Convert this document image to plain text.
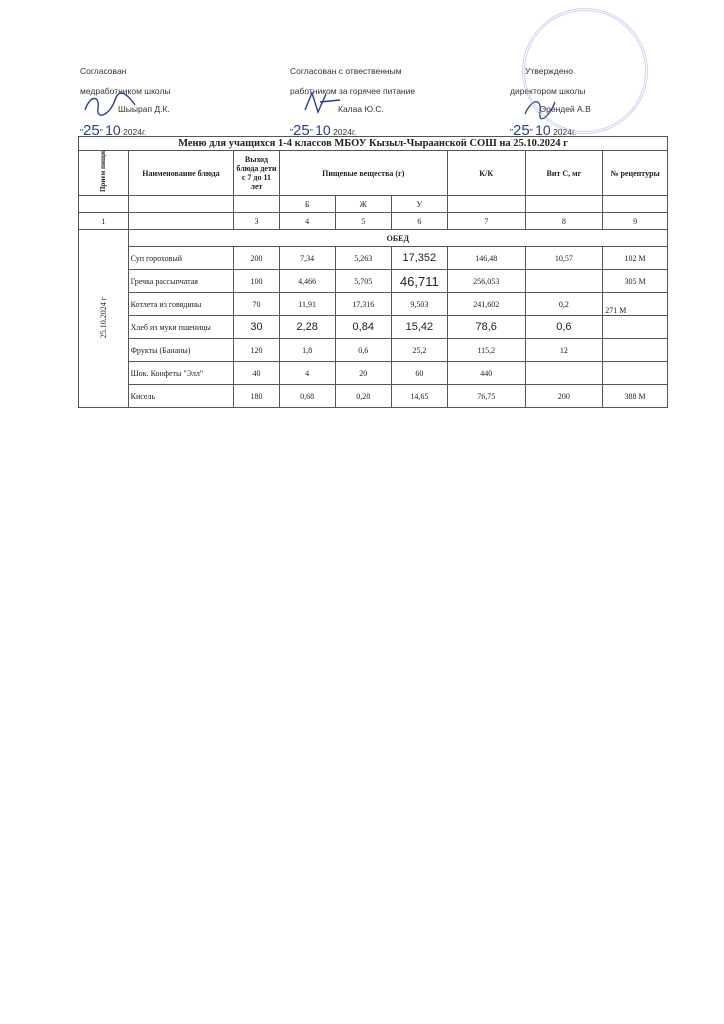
Согласован
медработником школы
Шыырап Д.К.
"25" 10 2024г.
Согласован с отвественным
работником за горячее питание
Калаа Ю.С.
"25" 10 2024г.
Утверждено
директором школы
Эрендей А.В
"25" 10 2024г.
Меню для учащихся 1-4 классов МБОУ Кызыл-Чыраанской СОШ на 25.10.2024 г								
Прием пищи	Наименование блюда	Выход блюда дети с 7 до 11 лет	Пищевые вещества (г)			К/К	Вит С, мг	№ рецептуры
			Б	Ж	У			
1		3	4	5	6	7	8	9
25.10.2024 г	ОБЕД							
	Суп гороховый	200	7,34	5,263	17,352	146,48	10,57	102 М
	Гречка рассыпчатая	100	4,466	5,705	46,711	256,053		305 М
	Котлета из говядины	70	11,91	17,316	9,503	241,602	0,2	271 М
	Хлеб из муки пшеницы	30	2,28	0,84	15,42	78,6	0,6	
	Фрукты (Бананы)	120	1,8	0,6	25,2	115,2	12	
	Шок. Конфеты "Элл"	40	4	20	60	440		
	Кисель	180	0,68	0,28	14,65	76,75	200	388 М
